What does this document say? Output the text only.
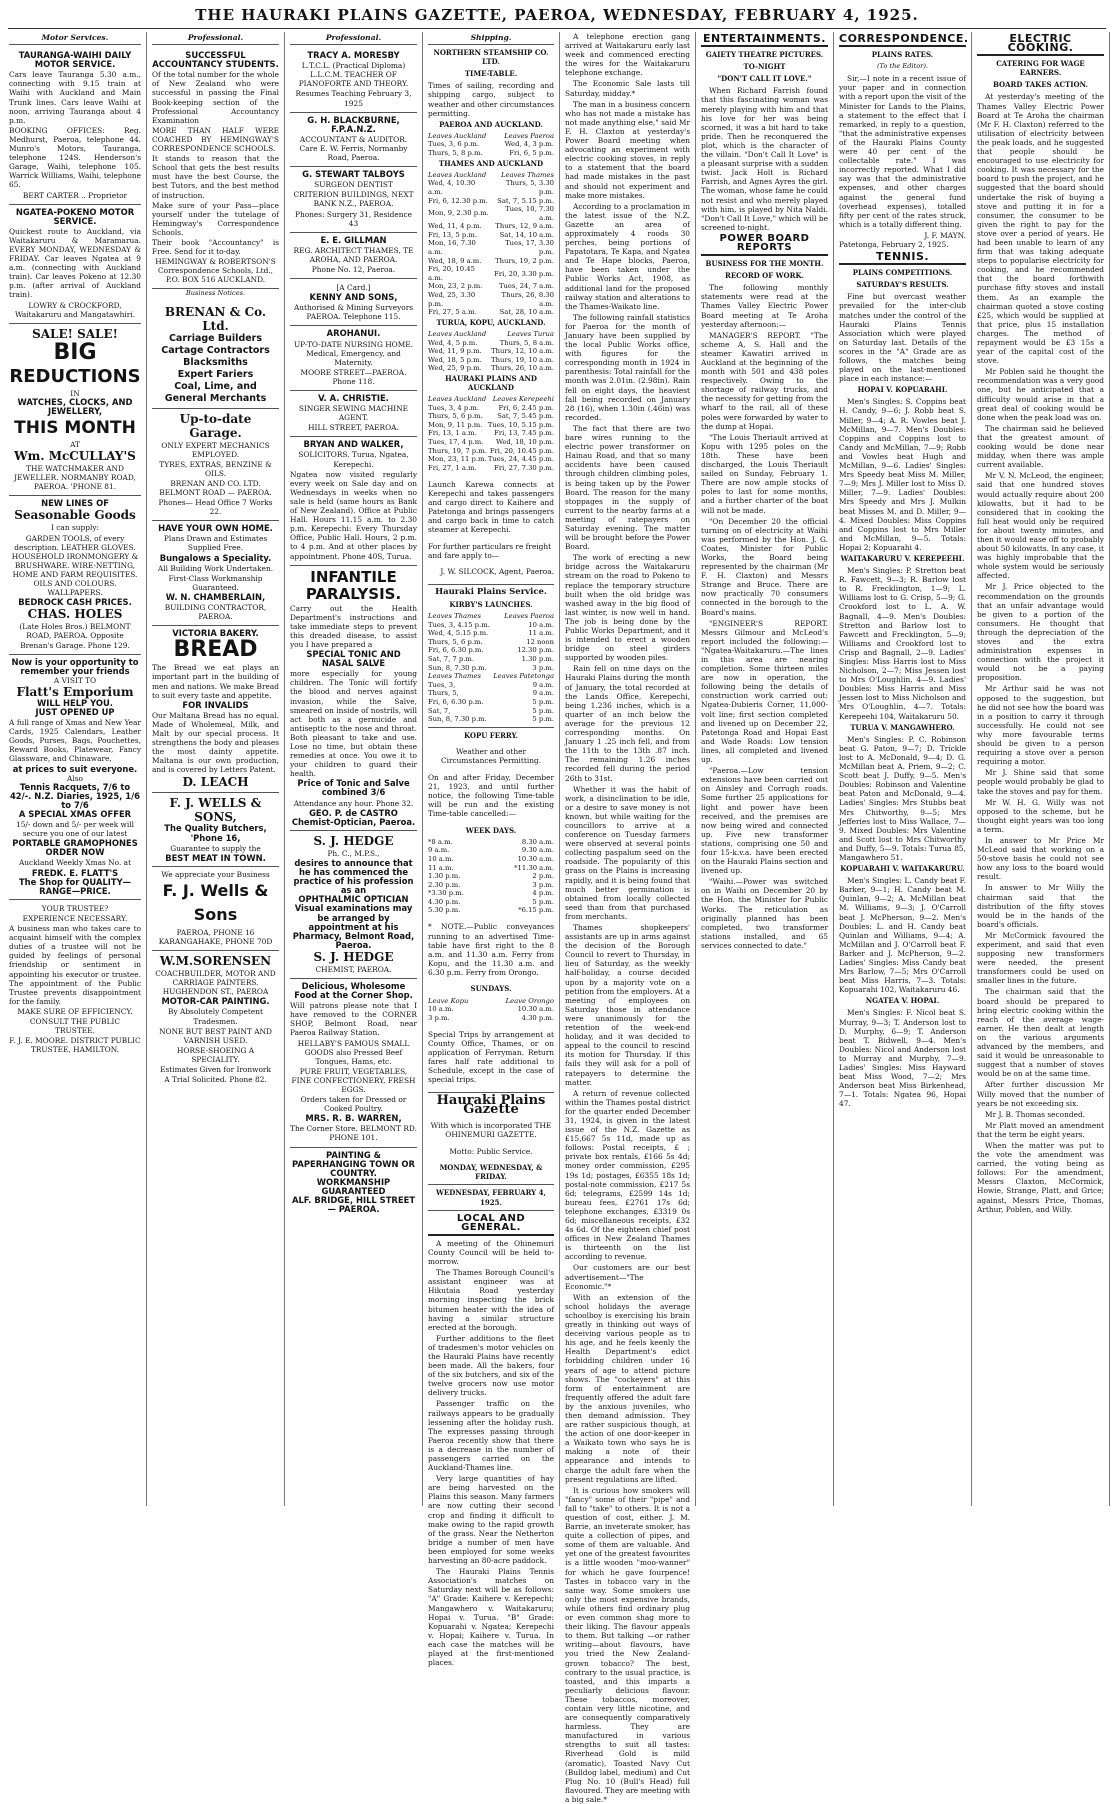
THE HAURAKI PLAINS GAZETTE, PAEROA, WEDNESDAY, FEBRUARY 4, 1925.
Motor Services.
TAURANGA-WAIHI DAILY MOTOR SERVICE.

Cars leave Tauranga 5.30 a.m., connecting with 9.15 train at Waihi with Auckland and Main Trunk lines. Cars leave Waihi at noon, arriving Tauranga about 4 p.m.

BOOKING OFFICES: Reg. Medhurst, Paeroa, telephone 44. Munro's Motors, Tauranga, telephone 124S. Henderson's Garage, Waihi, telephone 105. Warrick Williams, Waihi, telephone 65.

BERT CARTER .. Proprietor

NGATEA-POKENO MOTOR SERVICE.

Quickest route to Auckland, via Waitakaruru & Maramarua. EVERY MONDAY, WEDNESDAY & FRIDAY. Car leaves Ngatea at 9 a.m. (connecting with Auckland train). Car leaves Pokeno at 12.30 p.m. (after arrival of Auckland train).

LOWRY & CROCKFORD, Waitakaruru and Mangatawhiri.

SALE! SALE!
BIG
REDUCTIONS
IN
WATCHES, CLOCKS, AND JEWELLERY,
THIS MONTH
AT
Wm. McCULLAY'S

THE WATCHMAKER AND JEWELLER. NORMANBY ROAD, PAEROA. 'PHONE 81.

NEW LINES OF
Seasonable Goods

I can supply:

GARDEN TOOLS, of every description. LEATHER GLOVES. HOUSEHOLD IRONMONGERY & BRUSHWARE. WIRE-NETTING, HOME AND FARM REQUISITES. OILS AND COLOURS. WALLPAPERS.

BEDROCK CASH PRICES.
CHAS. HOLES

(Late Holes Bros.) BELMONT ROAD, PAEROA. Opposite Brenan's Garage. Phone 129.

Now is your opportunity to remember your friends
A VISIT TO
Flatt's Emporium
WILL HELP YOU.
JUST OPENED UP

A full range of Xmas and New Year Cards, 1925 Calendars, Leather Goods, Purses, Bags, Pouchettes, Reward Books, Platewear, Fancy Glassware, and Chinaware,

at prices to suit everyone.
Also
Tennis Racquets, 7/6 to 42/-. N.Z. Diaries, 1925, 1/6 to 7/6
A SPECIAL XMAS OFFER

15/- down and 5/- per week will secure you one of our latest

PORTABLE GRAMOPHONES
ORDER NOW

Auckland Weekly Xmas No. at

FREDK. E. FLATT'S
The Shop for QUALITY—RANGE—PRICE.

YOUR TRUSTEE?

EXPERIENCE NECESSARY.

A business man who takes care to acquaint himself with the complex duties of a trustee will not be guided by feelings of personal friendship or sentiment in appointing his executor or trustee. The appointment of the Public Trustee prevents disappointment for the family.

MAKE SURE OF EFFICIENCY.

CONSULT THE PUBLIC TRUSTEE.

F. J. E. MOORE. DISTRICT PUBLIC TRUSTEE, HAMILTON.

Professional.
SUCCESSFUL ACCOUNTANCY STUDENTS.

Of the total number for the whole of New Zealand who were successful in passing the Final Book-keeping section of the Professional Accountancy Examination

MORE THAN HALF WERE COACHED BY HEMINGWAY'S CORRESPONDENCE SCHOOLS.

It stands to reason that the School that gets the best results must have the best Course, the best Tutors, and the best method of instruction.

Make sure of your Pass—place yourself under the tutelage of Hemingway's Correspondence Schools.

Their book "Accountancy" is Free. Send for it to-day.

HEMINGWAY & ROBERTSON'S Correspondence Schools, Ltd., P.O. BOX 516 AUCKLAND.

Business Notices.
BRENAN & Co. Ltd.
Carriage Builders
Cartage Contractors
Blacksmiths
Expert Fariers
Coal, Lime, and
General Merchants
Up-to-date Garage.

ONLY EXPERT MECHANICS EMPLOYED.

TYRES, EXTRAS, BENZINE & OILS.

BRENAN AND CO. LTD. BELMONT ROAD — PAEROA.

Phones— Head Office 7 Works 22.

HAVE YOUR OWN HOME.

Plans Drawn and Estimates Supplied Free.

Bungalows a Speciality.

All Building Work Undertaken.

First-Class Workmanship Guaranteed.

W. N. CHAMBERLAIN,

BUILDING CONTRACTOR, PAEROA.

VICTORIA BAKERY.
BREAD

The Bread we eat plays an important part in the building of men and nations. We make Bread to suit every taste and appetite.

FOR INVALIDS

Our Maltana Bread has no equal. Made of Wholemeal, Milk, and Malt by our special process. It strengthens the body and pleases the most dainty appetite. Maltana is our own production, and is covered by Letters Patent.

D. LEACH
F. J. WELLS & SONS,
The Quality Butchers, 'Phone 16,

Guarantee to supply the

BEST MEAT IN TOWN.
We appreciate your Business
F. J. Wells & Sons

PAEROA, PHONE 16 KARANGAHAKE, PHONE 70D

W.M.SORENSEN

COACHBUILDER, MOTOR AND CARRIAGE PAINTERS. HUGHENDON ST., PAEROA

MOTOR-CAR PAINTING.

By Absolutely Competent Tradesmen.

NONE BUT BEST PAINT AND VARNISH USED.

HORSE-SHOEING A SPECIALITY.

Estimates Given for Ironwork

A Trial Solicited. Phone 82.

Professional.
TRACY A. MORESBY

L.T.C.L. (Practical Diploma) L.L.C.M. TEACHER OF PIANOFORTE AND THEORY.

Resumes Teaching February 3, 1925

G. H. BLACKBURNE, F.P.A.N.Z.

ACCOUNTANT & AUDITOR. Care E. W. Ferris, Normanby Road, Paeroa.

G. STEWART TALBOYS

SURGEON DENTIST

CRITERION BUILDINGS, NEXT BANK N.Z., PAEROA.

Phones: Surgery 31, Residence 43

E. E. GILLMAN

REG. ARCHITECT THAMES, TE AROHA, AND PAEROA.

Phone No. 12, Paeroa.

[A Card.]

KENNY AND SONS,

Authorised & Mining Surveyors PAEROA. Telephone 115.

AROHANUI.

UP-TO-DATE NURSING HOME. Medical, Emergency, and Maternity.

MOORE STREET—PAEROA. Phone 118.

V. A. CHRISTIE.

SINGER SEWING MACHINE AGENT.

HILL STREET, PAEROA.

BRYAN AND WALKER,

SOLICITORS. Turua, Ngatea, Kerepechi.

Ngatea now visited regularly every week on Sale day and on Wednesdays in weeks when no sale is held (same hours as Bank of New Zealand). Office at Public Hall. Hours 11.15 a.m. to 2.30 p.m. Kerepechi: Every Thursday Office, Public Hall. Hours, 2 p.m. to 4 p.m. And at other places by appointment. Phone 40S, Turua.

INFANTILE PARALYSIS.

Carry out the Health Department's instructions and take immediate steps to prevent this dreaded disease, to assist you I have prepared a

SPECIAL TONIC AND NASAL SALVE

more especially for young children. The Tonic will fortify the blood and nerves against invasion, while the Salve, smeared on inside of nostrils, will act both as a germicide and antiseptic to the nose and throat. Both pleasant to take and use. Lose no time, but obtain these remedies at once. You owe it to your children to guard their health.

Price of Tonic and Salve combined 3/6

Attendance any hour. Phone 32.

GEO. P. de CASTRO
Chemist-Optician, Paeroa.
S. J. HEDGE

Ph. C., M.P.S.,

desires to announce that he has commenced the practice of his profession as an
OPHTHALMIC OPTICIAN
Visual examinations may be arranged by appointment at his Pharmacy, Belmont Road, Paeroa.
S. J. HEDGE

CHEMIST, PAEROA.

Delicious, Wholesome Food at the Corner Shop.

Will patrons please note that I have removed to the CORNER SHOP, Belmont Road, near Paeroa Railway Station.

HELLABY'S FAMOUS SMALL GOODS also Pressed Beef Tongues, Hams, etc.

PURE FRUIT, VEGETABLES, FINE CONFECTIONERY, FRESH EGGS.

Orders taken for Dressed or Cooked Poultry.

MRS. R. B. WARREN,

The Corner Store. BELMONT RD. PHONE 101.

PAINTING & PAPERHANGING TOWN OR COUNTRY.
WORKMANSHIP GUARANTEED
ALF. BRIDGE, HILL STREET — PAEROA.
Shipping.
NORTHERN STEAMSHIP CO. LTD.
TIME-TABLE.

Times of sailing, recording and shipping cargo, subject to weather and other circumstances permitting.

PAEROA AND AUCKLAND.
Leaves Auckland	Leaves Paeroa
Tues, 3, 6 p.m.	Wed, 4, 3 p.m.
Thurs, 5, 8 p.m.	Fri, 6, 5 p.m.
THAMES AND AUCKLAND
Leaves Auckland	Leaves Thames
Wed, 4, 10.30 a.m.	Thurs, 5, 3.30 p.m.
Fri, 6, 12.30 p.m.	Sat, 7, 5.15 p.m.
Mon, 9, 2.30 p.m.	Tues, 10, 7.30 a.m.
Wed, 11, 4 p.m.	Thurs, 12, 9 a.m.
Fri, 13, 5 p.m.	Sat, 14, 10 a.m.
Mon, 16, 7.30 a.m.	Tues, 17, 3.30 p.m.
Wed, 18, 9 a.m.	Thurs, 19, 2 p.m.
Fri, 20, 10.45 a.m.	Fri, 20, 3.30 p.m.
Mon, 23, 2 p.m.	Tues, 24, 7 a.m.
Wed, 25, 3.30 p.m.	Thurs, 26, 8.30 a.m.
Fri, 27, 5 a.m.	Sat, 28, 10 a.m.
TURUA, KOPU, AUCKLAND.
Leaves Auckland	Leaves Turua
Wed, 4, 5 p.m.	Thurs, 5, 8 a.m.
Wed, 11, 9 p.m.	Thurs, 12, 10 a.m.
Wed, 18, 5 p.m.	Thurs, 19, 10 a.m.
Wed, 25, 9 p.m.	Thurs, 26, 10 a.m.
HAURAKI PLAINS AND AUCKLAND
Leaves Auckland	Leaves Kerepeehi
Tues, 3, 4 p.m.	Fri, 6, 2.45 p.m.
Thurs, 5, 6 p.m.	Sat, 7, 5.45 p.m.
Mon, 9, 11 p.m.	Tues, 10, 5.15 p.m.
Fri, 13, 1 a.m.	Fri, 13, 7.45 p.m.
Tues, 17, 4 p.m.	Wed, 18, 10 p.m.
Thurs, 19, 7 p.m.	Fri, 20, 10.45 p.m.
Mon, 23, 11 p.m.	Tues, 24, 4.45 p.m.
Fri, 27, 1 a.m.	Fri, 27, 7.30 p.m.

Launch Karewa connects at Kerepechi and takes passengers and cargo direct to Kaihere and Patetonga and brings passengers and cargo back in time to catch steamer at Kerepechi.

For further particulars re freight and fare apply to—

J. W. SILCOCK, Agent, Paeroa.

Hauraki Plains Service.
KIRBY'S LAUNCHES.
Leaves Thames	Leaves Paeroa
Tues, 3, 4.15 p.m.	10 a.m.
Wed, 4, 5.15 p.m.	11 a.m.
Thurs, 5, 6 p.m.	12 noon
Fri, 6, 6.30 p.m.	12.30 p.m.
Sat, 7, 7 p.m.	1.30 p.m.
Sun, 8, 7.30 p.m.	3 p.m.
Leaves Thames	Leaves Patetonga
Tues, 3,	9 a.m.
Thurs, 5,	9 a.m.
Fri, 6, 6.30 p.m.	5 p.m.
Sat, 7,	5 p.m.
Sun, 8, 7.30 p.m.	5 p.m.
KOPU FERRY.

Weather and other Circumstances Permitting.

On and after Friday, December 21, 1923, and until further notice, the following Time-table will be run and the existing Time-table cancelled:—

WEEK DAYS.
*8 a.m.	8.30 a.m.
9 a.m.	9.30 a.m.
10 a.m.	10.30 a.m.
11 a.m.	*11.30 a.m.
1.30 p.m.	2 p.m.
2.30 p.m.	3 p.m.
*3.30 p.m.	4 p.m.
4.30 p.m.	5 p.m.
5.30 p.m.	*6.15 p.m.

* NOTE.—Public conveyances running to an advertised Time-table have first right to the 8 a.m. and 11.30 a.m. Ferry from Kopu, and the 11.30 a.m. and 6.30 p.m. Ferry from Orongo.

SUNDAYS.
Leave Kopu	Leave Orongo
10 a.m.	10.30 a.m.
3 p.m.	4.30 p.m.

Special Trips by arrangement at County Office, Thames, or on application of Ferryman. Return fares half rate additional to Schedule, except in the case of special trips.

Hauraki Plains Gazette

With which is incorporated THE OHINEMURI GAZETTE.

Motto: Public Service.

MONDAY, WEDNESDAY, & FRIDAY.
WEDNESDAY, FEBRUARY 4, 1925.
LOCAL AND GENERAL.

A meeting of the Ohinemuri County Council will be held to-morrow.

The Thames Borough Council's assistant engineer was at Hikutaia Road yesterday morning inspecting the brick bitumen heater with the idea of having a similar structure erected at the borough.

Further additions to the fleet of tradesmen's motor vehicles on the Hauraki Plains have recently been made. All the bakers, four of the six butchers, and six of the twelve grocers now use motor delivery trucks.

Passenger traffic on the railways appears to be gradually lessening after the holiday rush. The expresses passing through Paeroa recently show that there is a decrease in the number of passengers carried on the Auckland-Thames line.

Very large quantities of hay are being harvested on the Plains this season. Many farmers are now cutting their second crop and finding it difficult to make owing to the rapid growth of the grass. Near the Netherton bridge a number of men have been employed for some weeks harvesting an 80-acre paddock.

The Hauraki Plains Tennis Association's matches on Saturday next will be as follows: "A" Grade: Kaihere v. Kerepechi; Mangawhero v. Waitakaruru; Hopai v. Turua. "B" Grade: Kopuarahi v. Ngatea; Kerepechi v. Hopai; Kaihere v. Turua. In each case the matches will be played at the first-mentioned places.

A telephone erection gang arrived at Waitakaruru early last week and commenced erecting the wires for the Waitakaruru telephone exchange.

The Economic Sale lasts till Saturday, midday.*

The man in a business concern who has not made a mistake has not made anything else," said Mr F. H. Claxton at yesterday's Power Board meeting when advocating an experiment with electric cooking stoves, in reply to a statement that the board had made mistakes in the past and should not experiment and make more mistakes.

According to a proclamation in the latest issue of the N.Z. Gazette an area of approximately 4 roods 30 perches, being portions of Papatotara, Te Kapa, and Ngatea and Te Hape blocks, Paeroa, have been taken under the Public Works Act, 1908, as additional land for the proposed railway station and alterations to the Thames-Waikato line.

The following rainfall statistics for Paeroa for the month of January have been supplied by the local Public Works office, with figures for the corresponding month in 1924 in parenthesis: Total rainfall for the month was 2.01in. (2.98in). Rain fell on eight days, the heaviest fall being recorded on January 28 (16), when 1.30in (.46in) was recorded.

The fact that there are two bare wires running to the electric power transformer on Hainau Road, and that so many accidents have been caused through children climbing poles, is being taken up by the Power Board. The reason for the many stoppages in the supply of current to the nearby farms at a meeting of ratepayers on Saturday evening. The matter will be brought before the Power Board.

The work of erecting a new bridge across the Waitakaruru stream on the road to Pokeno to replace the temporary structure built when the old bridge was washed away in the big flood of last winter, is now well in hand. The job is being done by the Public Works Department, and it is intended to erect a wooden bridge on steel girders supported by wooden piles.

Rain fell on nine days on the Hauraki Plains during the month of January, the total recorded at the Lands Office, Kerepechi, being 1.236 inches, which is a quarter of an inch below the average for the previous 12 corresponding months. On January 1 .25 inch fell, and from the 11th to the 13th .87 inch. The remaining 1.26 inches recorded fell during the period 26th to 31st.

Whether it was the habit of work, a disinclination to be idle, or a desire to save money is not known, but while waiting for the councillors to arrive at a conference on Tuesday farmers were observed at several points collecting paspalum seed on the roadside. The popularity of this grass on the Plains is increasing rapidly, and it is being found that much better germination is obtained from locally collected seed than from that purchased from merchants.

Thames shopkeepers' assistants are up in arms against the decision of the Borough Council to revert to Thursday, in lieu of Saturday, as the weekly half-holiday, a course decided upon by a majority vote on a petition from the employers. At a meeting of employees on Saturday those in attendance were unanimously for the retention of the week-end holiday, and it was decided to appeal to the council to rescind its motion for Thursday. If this fails they will ask for a poll of ratepayers to determine the matter.

A return of revenue collected within the Thames postal district for the quarter ended December 31, 1924, is given in the latest issue of the N.Z. Gazette as £15,667 5s 11d, made up as follows: Postal receipts, £ ; private box rentals, £166 5s 4d; money order commission, £295 19s 1d; postages, £6355 18s 1d; postal-note commission, £217 5s 6d; telegrams, £2599 14s 1d; bureau fees, £2761 17s 6d; telephone exchanges, £3319 0s 6d; miscellaneous receipts, £32 4s 6d. Of the eighteen chief post offices in New Zealand Thames is thirteenth on the list according to revenue.

Our customers are our best advertisement—"The Economic."*

With an extension of the school holidays the average schoolboy is exercising his brain greatly in thinking out ways of deceiving various people as to his age, and he feels keenly the Health Department's edict forbidding children under 16 years of age to attend picture shows. The "cockeyers" at this form of entertainment are frequently offered the adult fare by the anxious juveniles, who then demand admission. They are rather suspicious though, at the action of one door-keeper in a Waikato town who says he is making a note of their appearance and intends to charge the adult fare when the present regulations are lifted.

It is curious how smokers will "fancy" some of their "pipe" and fall to "take" to others. It is not a question of cost, either. J. M. Barrie, an inveterate smoker, has quite a collection of pipes, and some of them are valuable. And yet one of the greatest favourites is a little wooden "moo-wanner" for which he gave fourpence! Tastes in tobacco vary in the same way. Some smokers use only the most expensive brands, while others find ordinary plug or even common shag more to their liking. The flavour appeals to them. But talking —or rather writing—about flavours, have you tried the New Zealand-grown tobacco? The best, contrary to the usual practice, is toasted, and this imparts a peculiarly delicious flavour. These tobaccos, moreover, contain very little nicotine, and are consequently comparatively harmless. They are manufactured in various strengths to suit all tastes: Riverhead Gold is mild (aromatic), Toasted Navy Cut (Bulldog label, medium) and Cut Plug No. 10 (Bull's Head) full flavoured. They are meeting with a big sale.*

ENTERTAINMENTS.
GAIETY THEATRE PICTURES.
TO-NIGHT
"DON'T CALL IT LOVE."

When Richard Farrish found that this fascinating woman was merely playing with him and that his love for her was being scorned, it was a bit hard to take pride. Then he reconquered the plot, which is the character of the villain. "Don't Call It Love" is a pleasant surprise with a sudden twist. Jack Holt is Richard Farrish, and Agnes Ayres the girl. The woman, whose fame he could not resist and who merely played with him, is played by Nita Naldi. "Don't Call It Love," which will be screened to-night.

POWER BOARD REPORTS
BUSINESS FOR THE MONTH.
RECORD OF WORK.

The following monthly statements were read at the Thames Valley Electric Power Board meeting at Te Aroha yesterday afternoon:—

MANAGER'S REPORT. "The scheme A, S. Hall and the steamer Kawatiri arrived in Auckland at the beginning of the month with 501 and 438 poles respectively. Owing to the shortage of railway trucks, and the necessity for getting from the wharf to the rail, all of these poles were forwarded by water to the dump at Hopai.

"The Louis Theriault arrived at Kopu with 1295 poles on the 18th. These have been discharged, the Louis Theriault sailed on Sunday, February 1. There are now ample stocks of poles to last for some months, and a further charter of the boat will not be made.

"On December 20 the official turning on of electricity at Waihi was performed by the Hon. J. G. Coates, Minister for Public Works, the Board being represented by the chairman (Mr F. H. Claxton) and Messrs Strange and Bruce. There are now practically 70 consumers connected in the borough to the Board's mains.

"ENGINEER'S REPORT. Messrs Gilmour and McLeod's report included the following:— "Ngatea-Waitakaruru.—The lines in this area are nearing completion. Some thirteen miles are now in operation, the following being the details of construction work carried out: Ngatea-Dubieris Corner, 11,000-volt line; first section completed and livened up on December 22, Patetonga Road and Hopai East and Wade Roads: Low tension lines, all completed and livened up.

"Paeroa.—Low tension extensions have been carried out on Ainsley and Corrugh roads. Some further 25 applications for light and power have been received, and the premises are now being wired and connected up. Five new transformer stations, comprising one 50 and four 15-k.v.a. have been erected on the Hauraki Plains section and livened up.

"Waihi.—Power was switched on in Waihi on December 20 by the Hon. the Minister for Public Works. The reticulation as originally planned has been completed, two transformer stations installed, and 65 services connected to date."

CORRESPONDENCE.
PLAINS RATES.
(To the Editor).

Sir,—I note in a recent issue of your paper and in connection with a report upon the visit of the Minister for Lands to the Plains, a statement to the effect that I remarked, in reply to a question, "that the administrative expenses of the Hauraki Plains County were 40 per cent of the collectable rate." I was incorrectly reported. What I did say was that the administrative expenses, and other charges against the general fund (overhead expenses), totalled fifty per cent of the rates struck, which is a totally different thing.

J. F. MAYN.

Patetonga, February 2, 1925.

TENNIS.
PLAINS COMPETITIONS.
SATURDAY'S RESULTS.

Fine but overcast weather prevailed for the inter-club matches under the control of the Hauraki Plains Tennis Association which were played on Saturday last. Details of the scores in the "A" Grade are as follows, the matches being played on the last-mentioned place in each instance:—

HOPAI V. KOPUARAHI.

Men's Singles: S. Coppins beat H. Candy, 9—6; J. Robb beat S. Miller, 9—4; A. R. Vowles beat J. McMillan, 9—7. Men's Doubles: Coppins and Coppins lost to Candy and McMillan, 7—9; Robb and Vowles beat Hugh and McMillan, 9—6. Ladies' Singles: Mrs Speedy beat Miss M. Miller, 7—9; Mrs J. Miller lost to Miss D. Miller, 7—9. Ladies' Doubles: Mrs Speedy and Mrs J. Mulkin beat Misses M. and D. Miller, 9—4. Mixed Doubles: Miss Coppins and Coppins lost to Mrs Miller and McMillan, 9—5. Totals: Hopai 2; Kopuarahi 4.

WAITAKARURU V. KEREPEEHI.

Men's Singles: P. Stretton beat R. Fawcett, 9—3; R. Barlow lost to R. Frecklington, 1—9; L. Williams lost to G. Crisp, 5—9; G. Crookford lost to L. A. W. Bagnall, 4—9. Men's Doubles: Stretton and Barlow lost to Fawcett and Frecklington, 5—9; Williams and Crookford lost to Crisp and Bagnall, 2—9. Ladies' Singles: Miss Harris lost to Miss Nicholson, 2—7; Miss Jessen lost to Mrs O'Loughlin, 4—9. Ladies' Doubles: Miss Harris and Miss Jessen lost to Miss Nicholson and Mrs O'Loughlin, 4—7. Totals: Kerepeehi 104, Waitakaruru 50.

TURUA V. MANGAWHERO.

Men's Singles: P. C. Robinson beat G. Paton, 9—7; D. Trickle lost to A. McDonald, 9—4; D. G. McMillan beat A. Priem, 9—2; C. Scott beat J. Duffy, 9—5. Men's Doubles: Robinson and Valentine beat Paton and McDonald, 9—4. Ladies' Singles: Mrs Stubbs beat Mrs Chitworthy, 9—5; Mrs Jefferies lost to Miss Wallace, 7—9. Mixed Doubles: Mrs Valentine and Scott lost to Mrs Chitworthy and Duffy, 5—9. Totals: Turua 85, Mangawhero 51.

KOPUARAHI V. WAITAKARURU.

Men's Singles: L. Candy beat F. Barker, 9—1; H. Candy beat M. Quinlan, 9—2; A. McMillan beat M. Williams, 9—3; J. O'Carroll beat J. McPherson, 9—2. Men's Doubles: L. and H. Candy beat Quinlan and Williams, 9—4; A. McMillan and J. O'Carroll beat F. Barker and J. McPherson, 9—2. Ladies' Singles: Miss Candy beat Mrs Barlow, 7—5; Mrs O'Carroll beat Miss Harris, 7—3. Totals: Kopuarahi 102, Waitakaruru 46.

NGATEA V. HOPAI.

Men's Singles: F. Nicol beat S. Murray, 9—3; T. Anderson lost to D. Murphy, 6—9; T. Anderson beat T. Bidwell, 9—4. Men's Doubles: Nicol and Anderson lost to Murray and Murphy, 7—9. Ladies' Singles: Miss Hayward beat Miss Wood, 7—2; Mrs Anderson beat Miss Birkenhead, 7—1. Totals: Ngatea 96, Hopai 47.

ELECTRIC COOKING.
CATERING FOR WAGE EARNERS.
BOARD TAKES ACTION.

At yesterday's meeting of the Thames Valley Electric Power Board at Te Aroha the chairman (Mr F. H. Claxton) referred to the utilisation of electricity between the peak loads, and he suggested that people should be encouraged to use electricity for cooking. It was necessary for the board to push the project, and he suggested that the board should undertake the risk of buying a stove and putting it in for a consumer, the consumer to be given the right to pay for the stove over a period of years. He had been unable to learn of any firm that was taking adequate steps to popularise electricity for cooking, and he recommended that the board forthwith purchase fifty stoves and install them. As an example the chairman quoted a stove costing £25, which would be supplied at that price, plus 15 installation charges. The method of repayment would be £3 15s a year of the capital cost of the stove.

Mr Poblen said he thought the recommendation was a very good one, but he anticipated that a difficulty would arise in that a great deal of cooking would be done when the peak load was on.

The chairman said he believed that the greatest amount of cooking would be done near midday, when there was ample current available.

Mr V. N. McLeod, the engineer, said that one hundred stoves would actually require about 200 kilowatts, but it had to be considered that in cooking the full heat would only be required for about twenty minutes, and then it would ease off to probably about 50 kilowatts. In any case, it was highly improbable that the whole system would be seriously affected.

Mr J. Price objected to the recommendation on the grounds that an unfair advantage would be given to a portion of the consumers. He thought that through the depreciation of the stoves and the extra administration expenses in connection with the project it would not be a paying proposition.

Mr Arthur said he was not opposed to the suggestion, but he did not see how the board was in a position to carry it through successfully. He could not see why more favourable terms should be given to a person requiring a stove over a person requiring a motor.

Mr J. Shine said that some people would probably be glad to take the stoves and pay for them.

Mr W. H. G. Willy was not opposed to the scheme, but he thought eight years was too long a term.

In answer to Mr Price Mr McLeod said that working on a 50-stove basis he could not see how any loss to the board would result.

In answer to Mr Willy the chairman said that the distribution of the fifty stoves would be in the hands of the board's officials.

Mr McCormick favoured the experiment, and said that even supposing new transformers were needed, the present transformers could be used on smaller lines in the future.

The chairman said that the board should be prepared to bring electric cooking within the reach of the average wage-earner. He then dealt at length on the various arguments advanced by the members, and said it would be unreasonable to suggest that a number of stoves would be on at the same time.

After further discussion Mr Willy moved that the number of years be not exceeding six.

Mr J. B. Thomas seconded.

Mr Platt moved an amendment that the term be eight years.

When the matter was put to the vote the amendment was carried, the voting being as follows: For the amendment, Messrs Claxton, McCormick, Howie, Strange, Platt, and Grice; against, Messrs Price, Thomas, Arthur, Poblen, and Willy.
